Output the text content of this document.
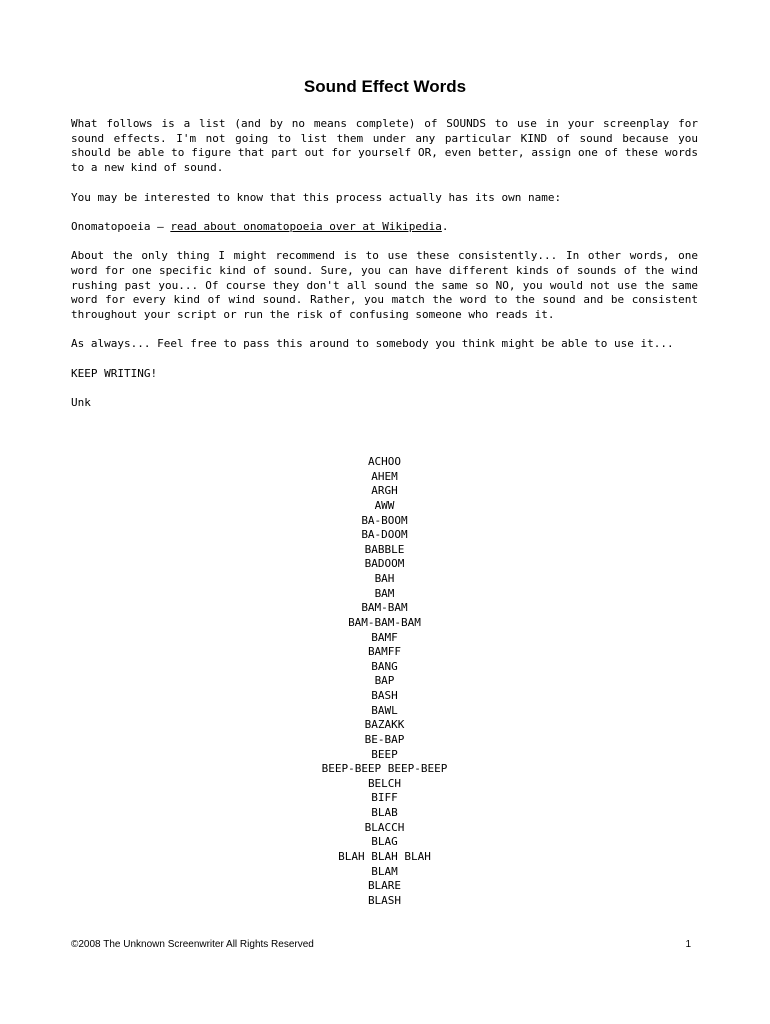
Sound Effect Words

What follows is a list (and by no means complete) of SOUNDS to use in your screenplay for sound effects. I'm not going to list them under any particular KIND of sound because you should be able to figure that part out for yourself OR, even better, assign one of these words to a new kind of sound.

You may be interested to know that this process actually has its own name:

Onomatopoeia – read about onomatopoeia over at Wikipedia.

About the only thing I might recommend is to use these consistently... In other words, one word for one specific kind of sound. Sure, you can have different kinds of sounds of the wind rushing past you... Of course they don't all sound the same so NO, you would not use the same word for every kind of wind sound. Rather, you match the word to the sound and be consistent throughout your script or run the risk of confusing someone who reads it.

As always... Feel free to pass this around to somebody you think might be able to use it...

KEEP WRITING!

Unk

ACHOO
AHEM
ARGH
AWW
BA-BOOM
BA-DOOM
BABBLE
BADOOM
BAH
BAM
BAM-BAM
BAM-BAM-BAM
BAMF
BAMFF
BANG
BAP
BASH
BAWL
BAZAKK
BE-BAP
BEEP
BEEP-BEEP BEEP-BEEP
BELCH
BIFF
BLAB
BLACCH
BLAG
BLAH BLAH BLAH
BLAM
BLARE
BLASH
©2008 The Unknown Screenwriter All Rights Reserved	1
